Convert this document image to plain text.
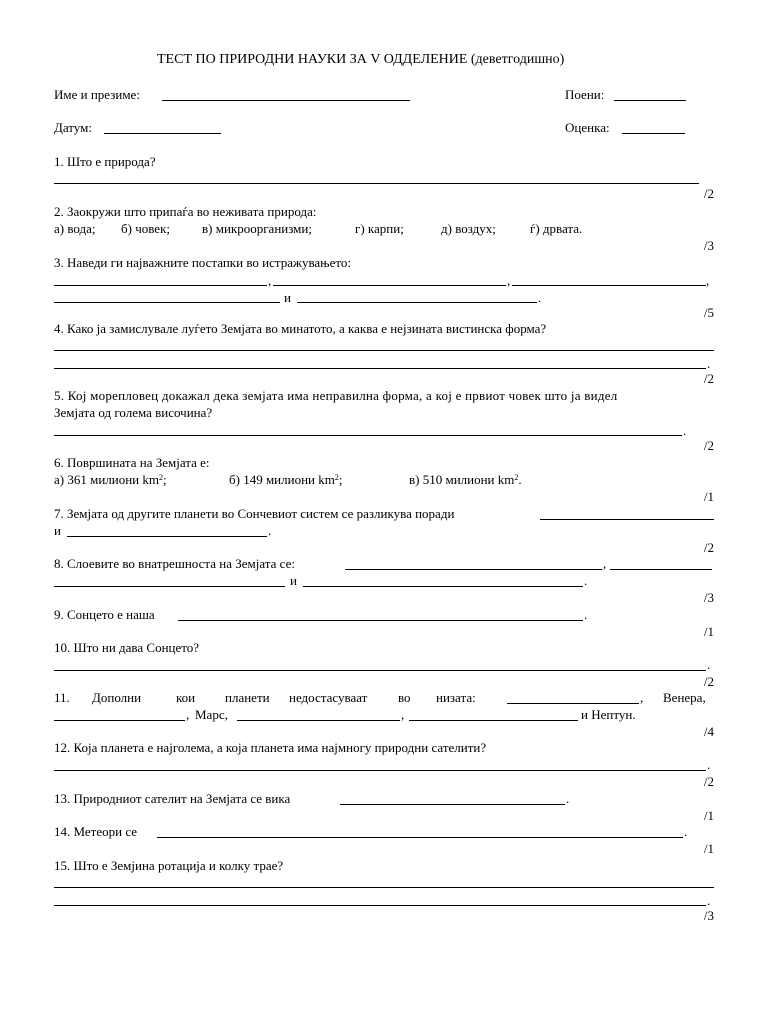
ТЕСТ ПО ПРИРОДНИ НАУКИ ЗА V ОДДЕЛЕНИЕ (деветгодишно)
Име и презиме:	Поени:
Датум:	Оценка:
1. Што е природа?
/2
2. Заокружи што припаѓа во неживата природа:
а) вода; б) човек; в) микроорганизми;	г) карпи;	д) воздух;	ѓ) дрвата.
/3
3. Наведи ги најважните постапки во истражувањето:
,	,	,
и	.
/5
4. Како ја замислувале луѓето Земјата во минатото, а каква е нејзината вистинска форма?
.
/2
5. Кој морепловец докажал дека земјата има неправилна форма, а кој е првиот човек што ја видел
Земјата од голема височина?
.
/2
6. Површината на Земјата е:
а) 361 милиони $km^2$;	б) 149 милиони $km^2$;	в) 510 милиони $km^2$.
/1
7. Земјата од другите планети во Сончевиот систем се разликува поради
и	.
/2
8. Слоевите во внатрешноста на Земјата се:	,
и	.
/3
9. Сонцето е наша	.
/1
10. Што ни дава Сонцето?
.
/2
11. Дополни	кои планети недостасуваат во низата:	, Венера,
, Марс,	,	и Нептун.
/4
12. Која планета е најголема, а која планета има најмногу природни сателити?
.
/2
13. Природниот сателит на Земјата се вика	.
/1
14. Метеори се	.
/1
15. Што е Земјина ротација и колку трае?
.
/3
